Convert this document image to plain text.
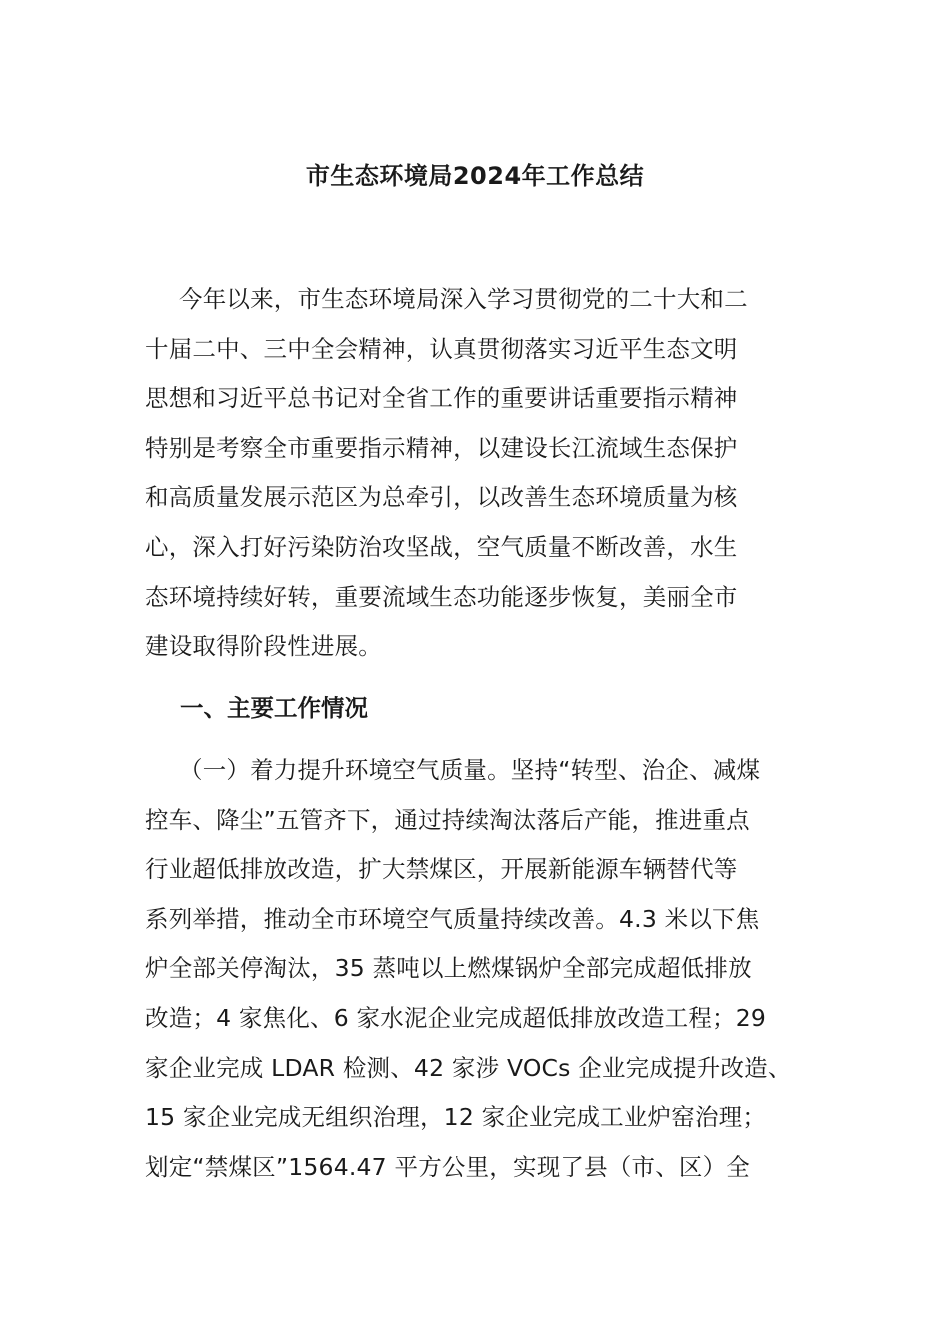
市生态环境局2024年工作总结
今年以来，市生态环境局深入学习贯彻党的二十大和二
十届二中、三中全会精神，认真贯彻落实习近平生态文明
思想和习近平总书记对全省工作的重要讲话重要指示精神
特别是考察全市重要指示精神，以建设长江流域生态保护
和高质量发展示范区为总牵引，以改善生态环境质量为核
心，深入打好污染防治攻坚战，空气质量不断改善，水生
态环境持续好转，重要流域生态功能逐步恢复，美丽全市
建设取得阶段性进展。
一、主要工作情况
（一）着力提升环境空气质量。坚持“转型、治企、减煤
控车、降尘”五管齐下，通过持续淘汰落后产能，推进重点
行业超低排放改造，扩大禁煤区，开展新能源车辆替代等
系列举措，推动全市环境空气质量持续改善。4.3 米以下焦
炉全部关停淘汰，35 蒸吨以上燃煤锅炉全部完成超低排放
改造；4 家焦化、6 家水泥企业完成超低排放改造工程；29
家企业完成 LDAR 检测、42 家涉 VOCs 企业完成提升改造、
15 家企业完成无组织治理，12 家企业完成工业炉窑治理；
划定“禁煤区”1564.47 平方公里，实现了县（市、区）全
